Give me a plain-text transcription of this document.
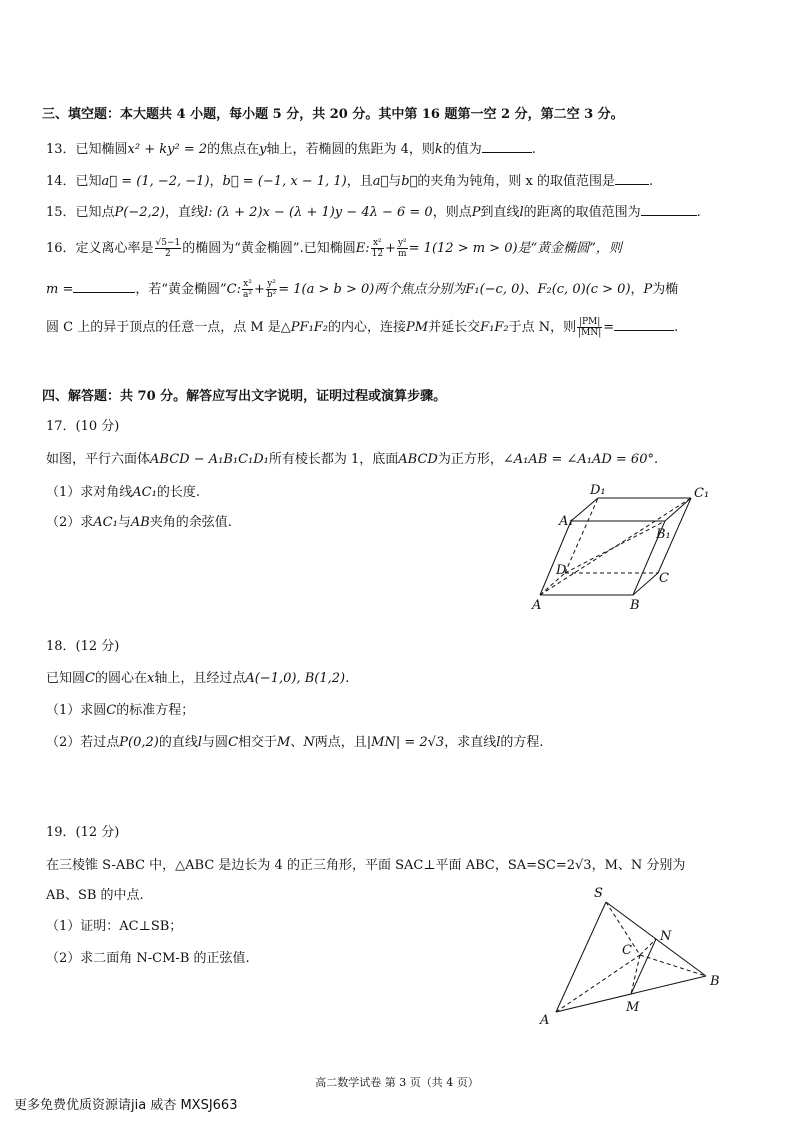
三、填空题：本大题共 4 小题，每小题 5 分，共 20 分。其中第 16 题第一空 2 分，第二空 3 分。
13．已知椭圆x² + ky² = 2的焦点在y轴上，若椭圆的焦距为 4，则k的值为	.
14．已知a⃗ = (1, −2, −1)，b⃗ = (−1, x − 1, 1)，且a⃗与b⃗的夹角为钝角，则 x 的取值范围是	.
15．已知点P(−2,2)，直线l: (λ + 2)x − (λ + 1)y − 4λ − 6 = 0，则点P到直线l的距离的取值范围为	.
16．定义离心率是 $\frac{√5-1}{2}$ 的椭圆为“黄金椭圆”.已知椭圆E: $\frac{\text{x²}}{12} + \frac{\text{y²}}{m} = 1(12 > m > 0)$是“黄金椭圆”，则
m =	，若“黄金椭圆”C: $\frac{\text{x²}}{\text{a²}} + \frac{\text{y²}}{\text{b²}} = 1(a > b > 0)$两个焦点分别为F₁(−c, 0)、F₂(c, 0)(c > 0)，P为椭
圆 C 上的异于顶点的任意一点，点 M 是△PF₁F₂的内心，连接PM并延长交F₁F₂于点 N，则 $\frac{|PM|}{|MN|}$ =	.
四、解答题：共 70 分。解答应写出文字说明，证明过程或演算步骤。
17．(10 分)
如图，平行六面体ABCD − A₁B₁C₁D₁所有棱长都为 1，底面ABCD为正方形，∠A₁AB = ∠A₁AD = 60°.
（1）求对角线AC₁的长度.
（2）求AC₁与AB夹角的余弦值.
D₁	C₁
A₁
B₁
D
C
A	B
18．(12 分)
已知圆C的圆心在x轴上，且经过点A(−1,0), B(1,2).
（1）求圆C的标准方程；
（2）若过点P(0,2)的直线l与圆C相交于M、N两点，且|MN| = 2√3，求直线l的方程.
19．(12 分)
在三棱锥 S-ABC 中，△ABC 是边长为 4 的正三角形，平面 SAC⊥平面 ABC，SA=SC=2√3，M、N 分别为
AB、SB 的中点.
（1）证明：AC⊥SB；
（2）求二面角 N-CM-B 的正弦值.
S
N
C
B
M
A
高二数学试卷 第 3 页（共 4 页）
更多免费优质资源请jia 威杏 MXSJ663
